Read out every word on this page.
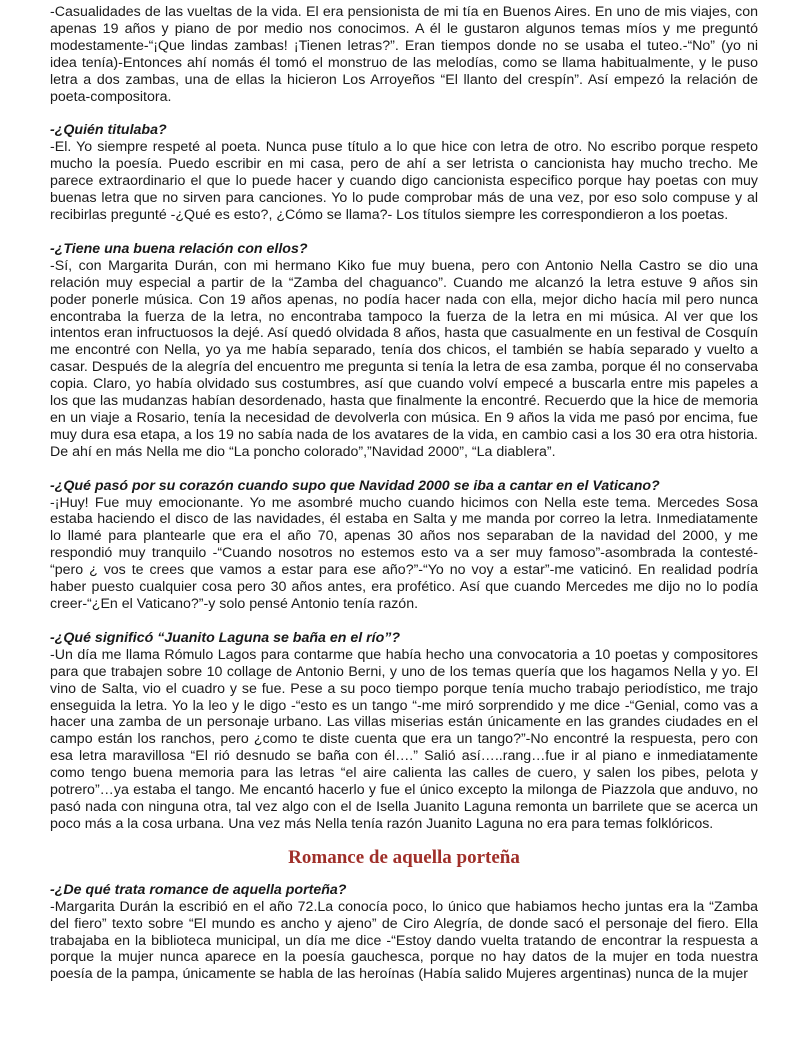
-Casualidades de las vueltas de la vida. El era pensionista de mi tía en Buenos Aires. En uno de mis viajes, con apenas 19 años y piano de por medio nos conocimos. A él le gustaron algunos temas míos y me preguntó modestamente-“¡Que lindas zambas! ¡Tienen letras?”. Eran tiempos donde no se usaba el tuteo.-“No” (yo ni idea tenía)-Entonces ahí nomás él tomó el monstruo de las melodías, como se llama habitualmente, y le puso letra a dos zambas, una de ellas la hicieron Los Arroyeños “El llanto del crespín”. Así empezó la relación de poeta-compositora.

-¿Quién titulaba?

-El. Yo siempre respeté al poeta. Nunca puse título a lo que hice con letra de otro. No escribo porque respeto mucho la poesía. Puedo escribir en mi casa, pero de ahí a ser letrista o cancionista hay mucho trecho. Me parece extraordinario el que lo puede hacer y cuando digo cancionista especifico porque hay poetas con muy buenas letra que no sirven para canciones. Yo lo pude comprobar más de una vez, por eso solo compuse y al recibirlas pregunté -¿Qué es esto?, ¿Cómo se llama?- Los títulos siempre les correspondieron a los poetas.

-¿Tiene una buena relación con ellos?

-Sí, con Margarita Durán, con mi hermano Kiko fue muy buena, pero con Antonio Nella Castro se dio una relación muy especial a partir de la “Zamba del chaguanco”. Cuando me alcanzó la letra estuve 9 años sin poder ponerle música. Con 19 años apenas, no podía hacer nada con ella, mejor dicho hacía mil pero nunca encontraba la fuerza de la letra, no encontraba tampoco la fuerza de la letra en mi música. Al ver que los intentos eran infructuosos la dejé. Así quedó olvidada 8 años, hasta que casualmente en un festival de Cosquín me encontré con Nella, yo ya me había separado, tenía dos chicos, el también se había separado y vuelto a casar. Después de la alegría del encuentro me pregunta si tenía la letra de esa zamba, porque él no conservaba copia. Claro, yo había olvidado sus costumbres, así que cuando volví empecé a buscarla entre mis papeles a los que las mudanzas habían desordenado, hasta que finalmente la encontré. Recuerdo que la hice de memoria en un viaje a Rosario, tenía la necesidad de devolverla con música. En 9 años la vida me pasó por encima, fue muy dura esa etapa, a los 19 no sabía nada de los avatares de la vida, en cambio casi a los 30 era otra historia. De ahí en más Nella me dio “La poncho colorado”,”Navidad 2000”, “La diablera”.

-¿Qué pasó por su corazón cuando supo que Navidad 2000 se iba a cantar en el Vaticano?

-¡Huy! Fue muy emocionante. Yo me asombré mucho cuando hicimos con Nella este tema. Mercedes Sosa estaba haciendo el disco de las navidades, él estaba en Salta y me manda por correo la letra. Inmediatamente lo llamé para plantearle que era el año 70, apenas 30 años nos separaban de la navidad del 2000, y me respondió muy tranquilo -“Cuando nosotros no estemos esto va a ser muy famoso”-asombrada la contesté- “pero ¿ vos te crees que vamos a estar para ese año?”-“Yo no voy a estar”-me vaticinó. En realidad podría haber puesto cualquier cosa pero 30 años antes, era profético. Así que cuando Mercedes me dijo no lo podía creer-“¿En el Vaticano?”-y solo pensé Antonio tenía razón.

-¿Qué significó “Juanito Laguna se baña en el río”?

-Un día me llama Rómulo Lagos para contarme que había hecho una convocatoria a 10 poetas y compositores para que trabajen sobre 10 collage de Antonio Berni, y uno de los temas quería que los hagamos Nella y yo. El vino de Salta, vio el cuadro y se fue. Pese a su poco tiempo porque tenía mucho trabajo periodístico, me trajo enseguida la letra. Yo la leo y le digo -“esto es un tango “-me miró sorprendido y me dice -“Genial, como vas a hacer una zamba de un personaje urbano. Las villas miserias están únicamente en las grandes ciudades en el campo están los ranchos, pero ¿como te diste cuenta que era un tango?”-No encontré la respuesta, pero con esa letra maravillosa “El rió desnudo se baña con él….” Salió así…..rang…fue ir al piano e inmediatamente como tengo buena memoria para las letras “el aire calienta las calles de cuero, y salen los pibes, pelota y potrero”…ya estaba el tango. Me encantó hacerlo y fue el único excepto la milonga de Piazzola que anduvo, no pasó nada con ninguna otra, tal vez algo con el de Isella Juanito Laguna remonta un barrilete que se acerca un poco más a la cosa urbana. Una vez más Nella tenía razón Juanito Laguna no era para temas folklóricos.

Romance de aquella porteña

-¿De qué trata romance de aquella porteña?

-Margarita Durán la escribió en el año 72.La conocía poco, lo único que habiamos hecho juntas era la “Zamba del fiero” texto sobre “El mundo es ancho y ajeno” de Ciro Alegría, de donde sacó el personaje del fiero. Ella trabajaba en la biblioteca municipal, un día me dice -“Estoy dando vuelta tratando de encontrar la respuesta a porque la mujer nunca aparece en la poesía gauchesca, porque no hay datos de la mujer en toda nuestra poesía de la pampa, únicamente se habla de las heroínas (Había salido Mujeres argentinas) nunca de la mujer
